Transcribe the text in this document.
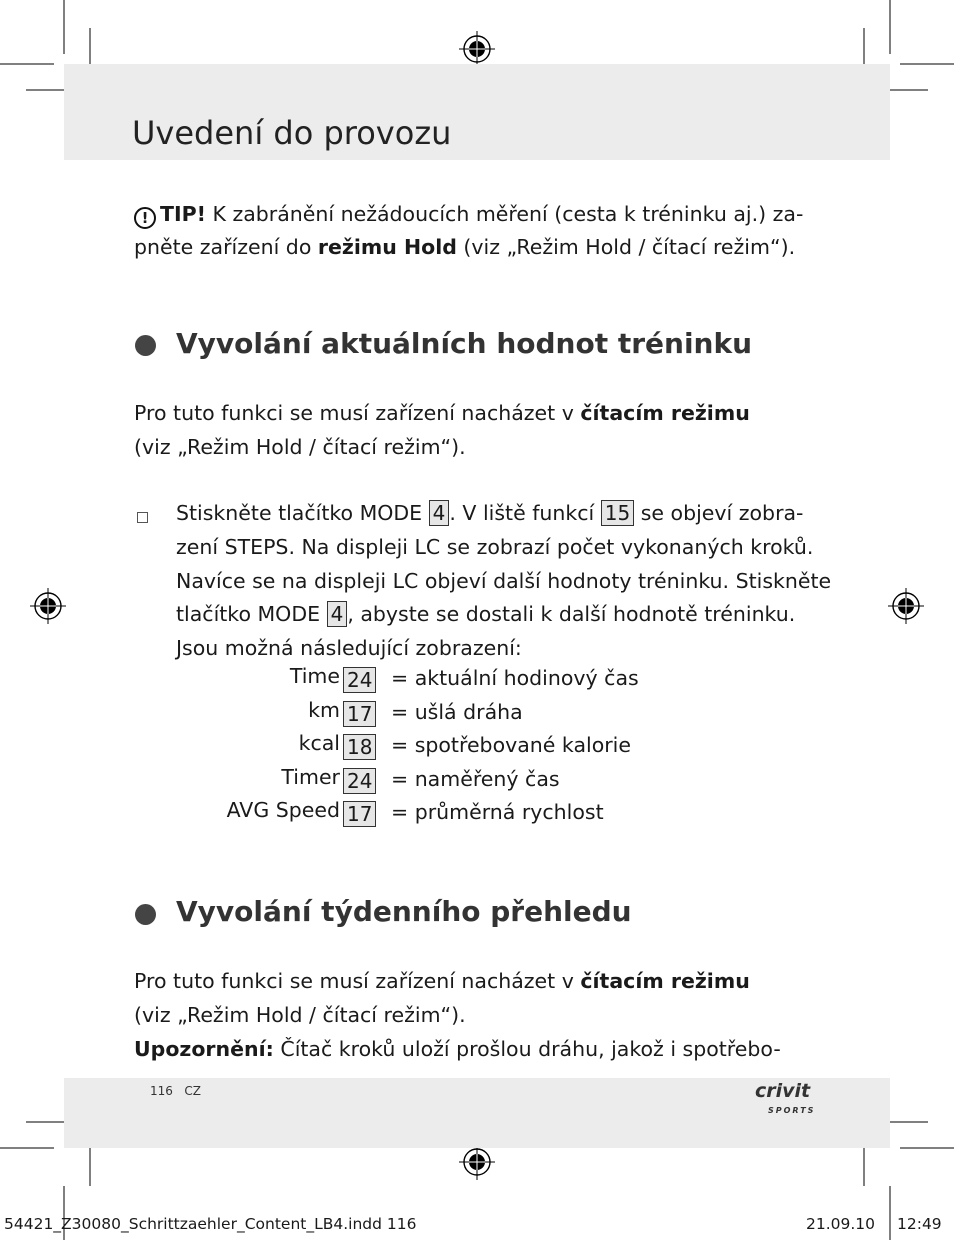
Uvedení do provozu
! TIP! K zabránění nežádoucích měření (cesta k tréninku aj.) za-
pněte zařízení do režimu Hold (viz „Režim Hold / čítací režim“).
Vyvolání aktuálních hodnot tréninku
Pro tuto funkci se musí zařízení nacházet v čítacím režimu
(viz „Režim Hold / čítací režim“).
Stiskněte tlačítko MODE 4 . V liště funkcí 15 se objeví zobra-
zení STEPS. Na displeji LC se zobrazí počet vykonaných kroků.
Navíce se na displeji LC objeví další hodnoty tréninku. Stiskněte
tlačítko MODE 4 , abyste se dostali k další hodnotě tréninku.
Jsou možná následující zobrazení:
Time 24 = aktuální hodinový čas
km 17 = ušlá dráha
kcal 18 = spotřebované kalorie
Timer 24 = naměřený čas
AVG Speed 17 = průměrná rychlost
Vyvolání týdenního přehledu
Pro tuto funkci se musí zařízení nacházet v čítacím režimu
(viz „Režim Hold / čítací režim“).
Upozornění: Čítač kroků uloží prošlou dráhu, jakož i spotřebo-
116 CZ	crivit
SPORTS
54421_Z30080_Schrittzaehler_Content_LB4.indd 116	21.09.10 12:49
